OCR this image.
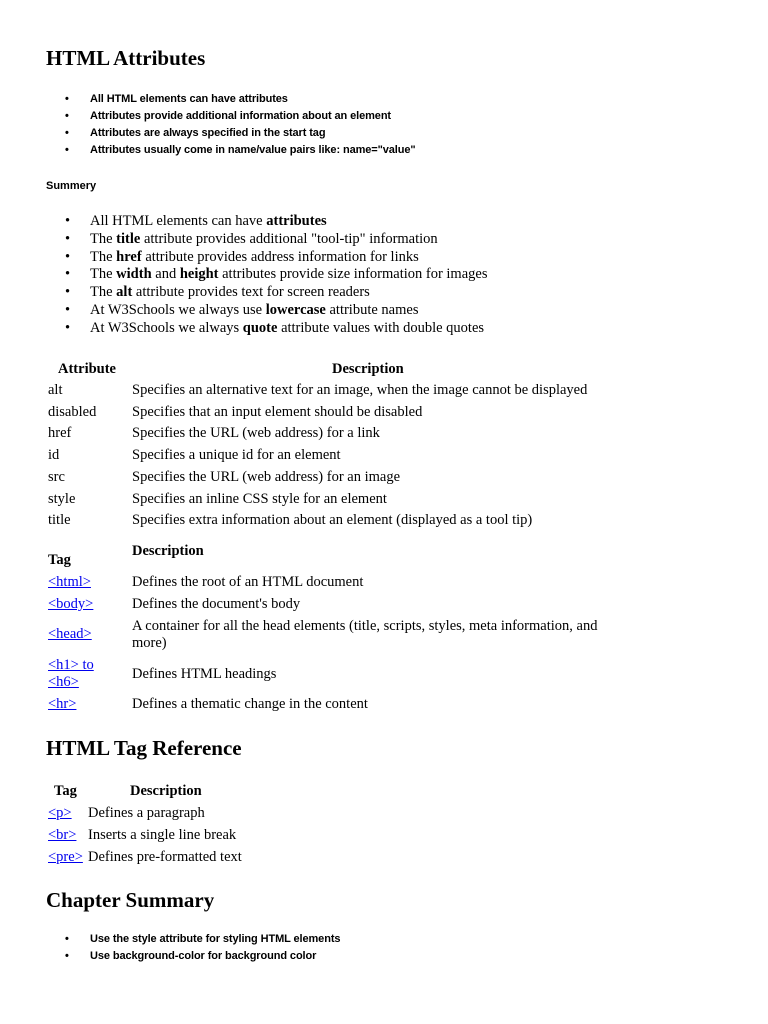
HTML Attributes
• All HTML elements can have attributes
• Attributes provide additional information about an element
• Attributes are always specified in the start tag
• Attributes usually come in name/value pairs like: name="value"
Summery
• All HTML elements can have attributes
• The title attribute provides additional "tool-tip" information
• The href attribute provides address information for links
• The width and height attributes provide size information for images
• The alt attribute provides text for screen readers
• At W3Schools we always use lowercase attribute names
• At W3Schools we always quote attribute values with double quotes
Attribute	Description
alt	Specifies an alternative text for an image, when the image cannot be displayed
disabled Specifies that an input element should be disabled
href	Specifies the URL (web address) for a link
id	Specifies a unique id for an element
src	Specifies the URL (web address) for an image
style	Specifies an inline CSS style for an element
title	Specifies extra information about an element (displayed as a tool tip)
Tag
Description
<html>	Defines the root of an HTML document
<body>	Defines the document's body
<head>	A container for all the head elements (title, scripts, styles, meta information, and more)
<h1> to <h6>	Defines HTML headings
<hr>	Defines a thematic change in the content
HTML Tag Reference
Tag	Description
<p> Defines a paragraph
<br> Inserts a single line break
<pre> Defines pre-formatted text
Chapter Summary
• Use the style attribute for styling HTML elements
• Use background-color for background color
